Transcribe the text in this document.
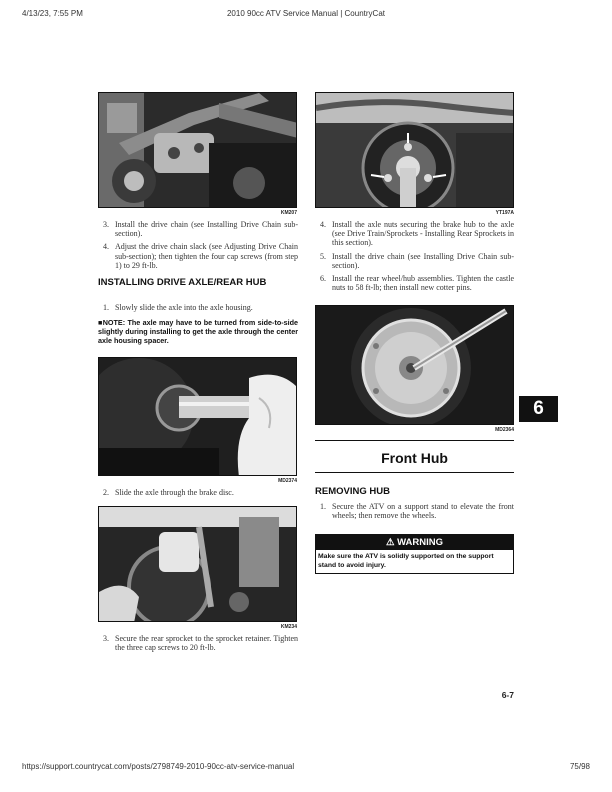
4/13/23, 7:55 PM	2010 90cc ATV Service Manual | CountryCat
KM207	YT197A
3. Install the drive chain (see Installing Drive Chain sub-section).
4. Adjust the drive chain slack (see Adjusting Drive Chain sub-section); then tighten the four cap screws (from step 1) to 29 ft-lb.
INSTALLING DRIVE AXLE/REAR HUB
1. Slowly slide the axle into the axle housing.
■NOTE: The axle may have to be turned from side-to-side slightly during installing to get the axle through the center axle housing spacer.
MD2374
2. Slide the axle through the brake disc.
KM234
3. Secure the rear sprocket to the sprocket retainer. Tighten the three cap screws to 20 ft-lb.
4. Install the axle nuts securing the brake hub to the axle (see Drive Train/Sprockets - Installing Rear Sprockets in this section).
5. Install the drive chain (see Installing Drive Chain sub-section).
6. Install the rear wheel/hub assemblies. Tighten the castle nuts to 58 ft-lb; then install new cotter pins.
MD2364
Front Hub
REMOVING HUB
1. Secure the ATV on a support stand to elevate the front wheels; then remove the wheels.
⚠ WARNING
Make sure the ATV is solidly supported on the support stand to avoid injury.
6
6-7
https://support.countrycat.com/posts/2798749-2010-90cc-atv-service-manual	75/98
